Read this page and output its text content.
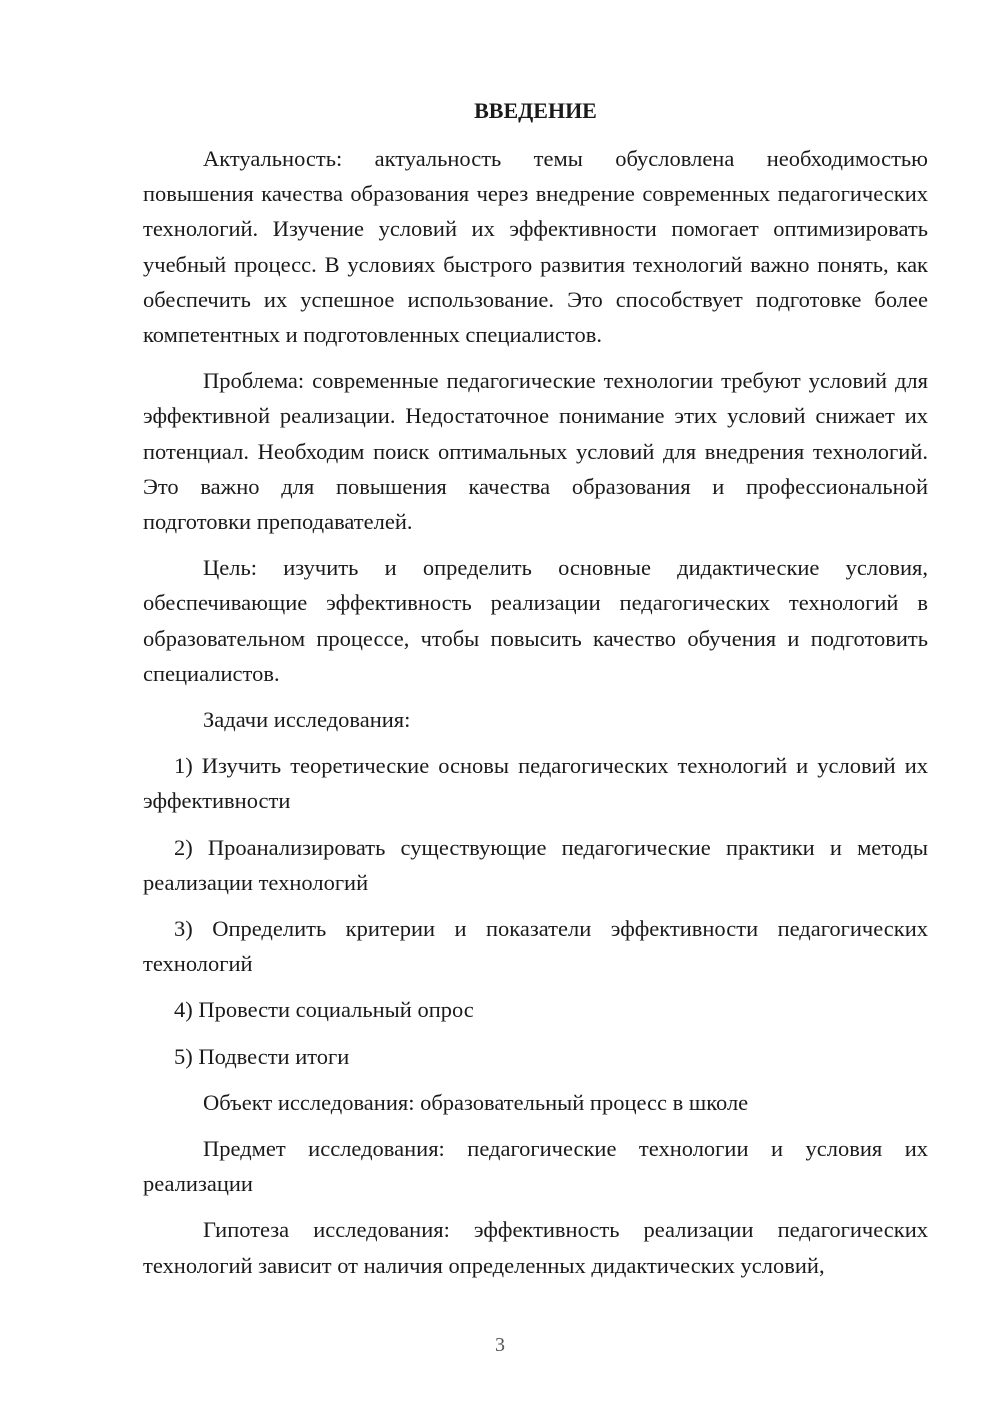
ВВЕДЕНИЕ

Актуальность: актуальность темы обусловлена необходимостью повышения качества образования через внедрение современных педагогических технологий. Изучение условий их эффективности помогает оптимизировать учебный процесс. В условиях быстрого развития технологий важно понять, как обеспечить их успешное использование. Это способствует подготовке более компетентных и подготовленных специалистов.

Проблема: современные педагогические технологии требуют условий для эффективной реализации. Недостаточное понимание этих условий снижает их потенциал. Необходим поиск оптимальных условий для внедрения технологий. Это важно для повышения качества образования и профессиональной подготовки преподавателей.

Цель: изучить и определить основные дидактические условия, обеспечивающие эффективность реализации педагогических технологий в образовательном процессе, чтобы повысить качество обучения и подготовить специалистов.

Задачи исследования:

1) Изучить теоретические основы педагогических технологий и условий их эффективности

2) Проанализировать существующие педагогические практики и методы реализации технологий

3) Определить критерии и показатели эффективности педагогических технологий

4) Провести социальный опрос

5) Подвести итоги

Объект исследования: образовательный процесс в школе

Предмет исследования: педагогические технологии и условия их реализации

Гипотеза исследования: эффективность реализации педагогических технологий зависит от наличия определенных дидактических условий,

3
